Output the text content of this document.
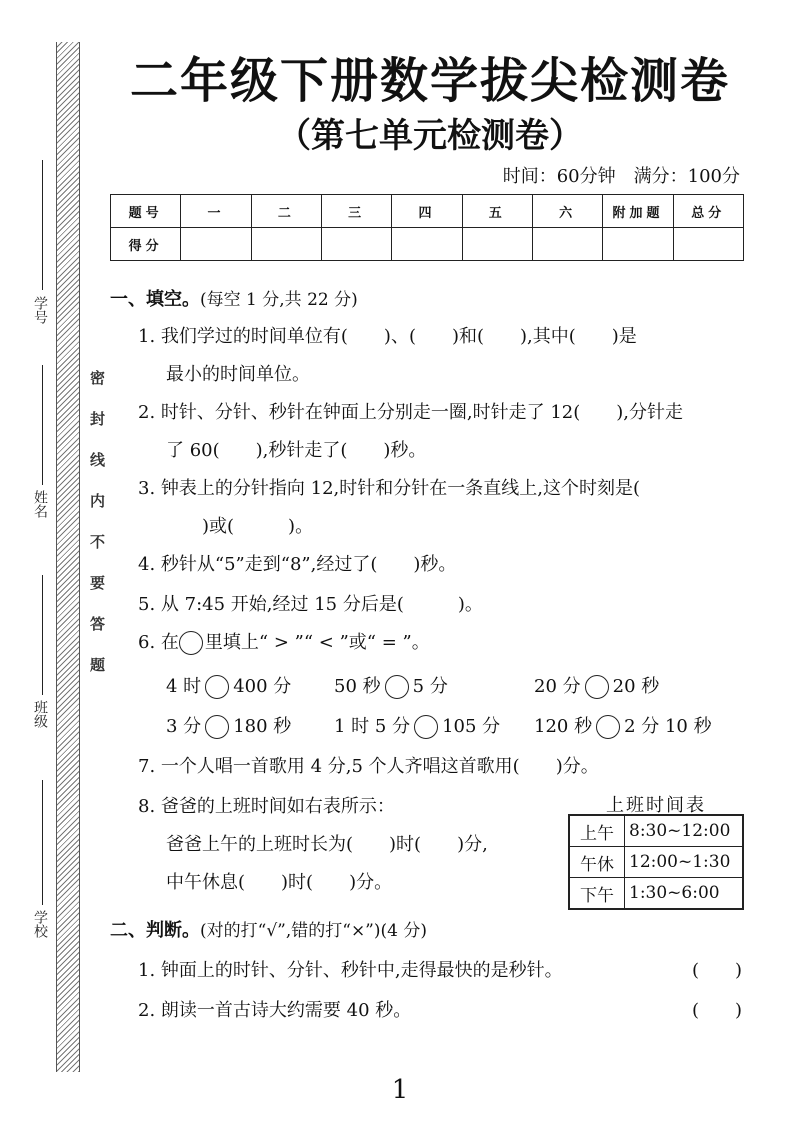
学号
姓名
班级
学校
密封线内不要答题
二年级下册数学拔尖检测卷
（第七单元检测卷）
时间：60分钟　满分：100分
题号	一	二	三	四	五	六	附加题	总分
得分								
一、填空。(每空 1 分,共 22 分)
1. 我们学过的时间单位有(　　)、(　　)和(　　),其中(　　)是
最小的时间单位。
2. 时针、分针、秒针在钟面上分别走一圈,时针走了 12(　　),分针走
了 60(　　),秒针走了(　　)秒。
3. 钟表上的分针指向 12,时针和分针在一条直线上,这个时刻是(
　　)或(　　　)。
4. 秒针从“5”走到“8”,经过了(　　)秒。
5. 从 7:45 开始,经过 15 分后是(　　　)。
6. 在 里填上“ > ”“ < ”或“ = ”。
4 时 400 分 50 秒 5 分	20 分 20 秒
3 分 180 秒 1 时 5 分 105 分 120 秒 2 分 10 秒
7. 一个人唱一首歌用 4 分,5 个人齐唱这首歌用(　　)分。
8. 爸爸的上班时间如右表所示：
爸爸上午的上班时长为(　　)时(　　)分,
中午休息(　　)时(　　)分。
上班时间表
上午	8:30~12:00
午休	12:00~1:30
下午	1:30~6:00
二、判断。(对的打“√”,错的打“×”)(4 分)
1. 钟面上的时针、分针、秒针中,走得最快的是秒针。	(　　)
2. 朗读一首古诗大约需要 40 秒。	(　　)
1
